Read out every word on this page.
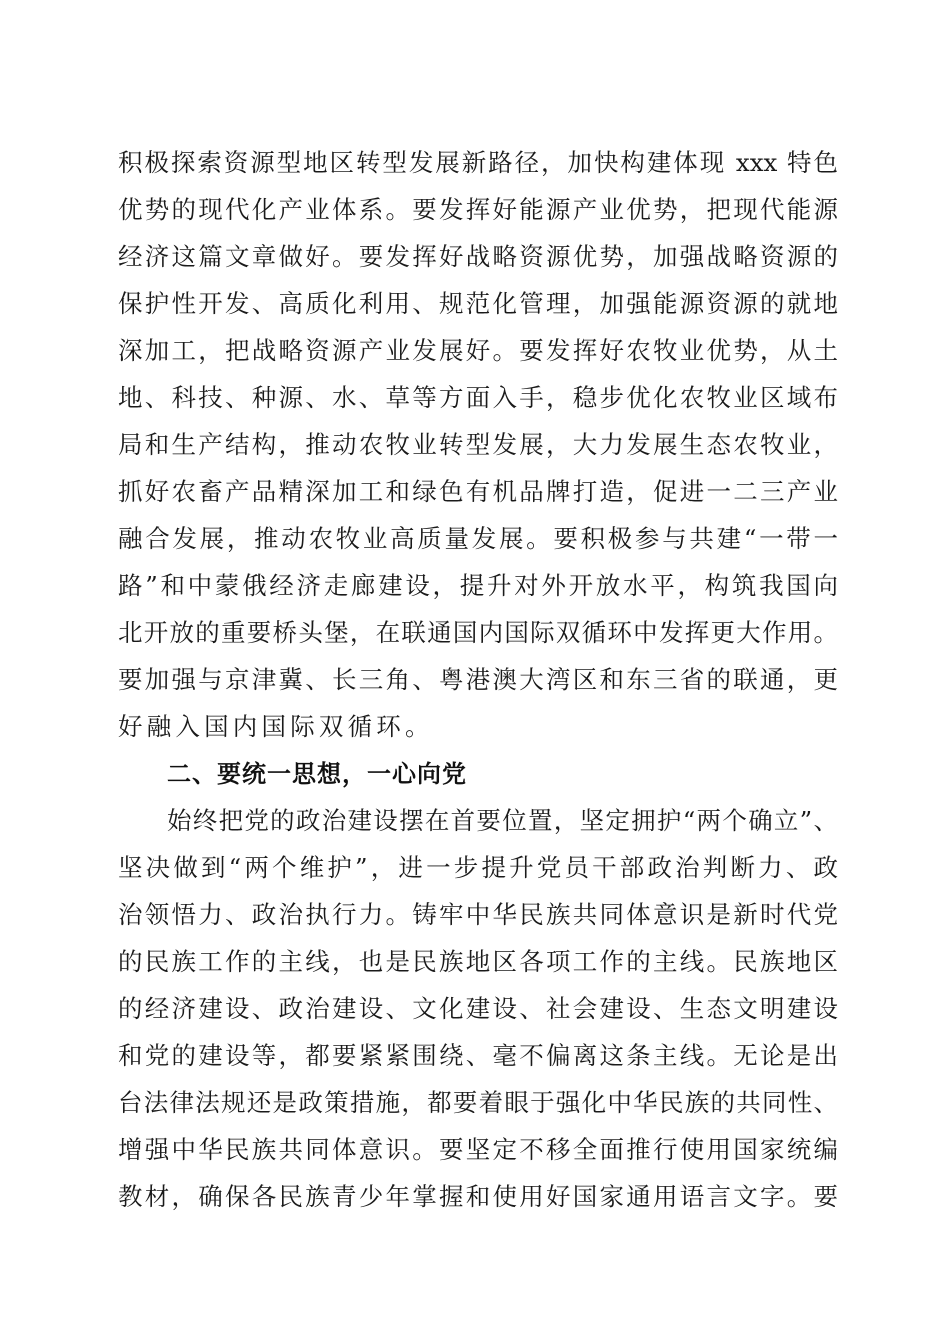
积极探索资源型地区转型发展新路径，加快构建体现 xxx 特色
优势的现代化产业体系。要发挥好能源产业优势，把现代能源
经济这篇文章做好。要发挥好战略资源优势，加强战略资源的
保护性开发、高质化利用、规范化管理，加强能源资源的就地
深加工，把战略资源产业发展好。要发挥好农牧业优势，从土
地、科技、种源、水、草等方面入手，稳步优化农牧业区域布
局和生产结构，推动农牧业转型发展，大力发展生态农牧业，
抓好农畜产品精深加工和绿色有机品牌打造，促进一二三产业
融合发展，推动农牧业高质量发展。要积极参与共建“一带一
路”和中蒙俄经济走廊建设，提升对外开放水平，构筑我国向
北开放的重要桥头堡，在联通国内国际双循环中发挥更大作用。
要加强与京津冀、长三角、粤港澳大湾区和东三省的联通，更
好融入国内国际双循环。
二、要统一思想，一心向党
始终把党的政治建设摆在首要位置，坚定拥护“两个确立”、
坚决做到“两个维护”，进一步提升党员干部政治判断力、政
治领悟力、政治执行力。铸牢中华民族共同体意识是新时代党
的民族工作的主线，也是民族地区各项工作的主线。民族地区
的经济建设、政治建设、文化建设、社会建设、生态文明建设
和党的建设等，都要紧紧围绕、毫不偏离这条主线。无论是出
台法律法规还是政策措施，都要着眼于强化中华民族的共同性、
增强中华民族共同体意识。要坚定不移全面推行使用国家统编
教材，确保各民族青少年掌握和使用好国家通用语言文字。要
